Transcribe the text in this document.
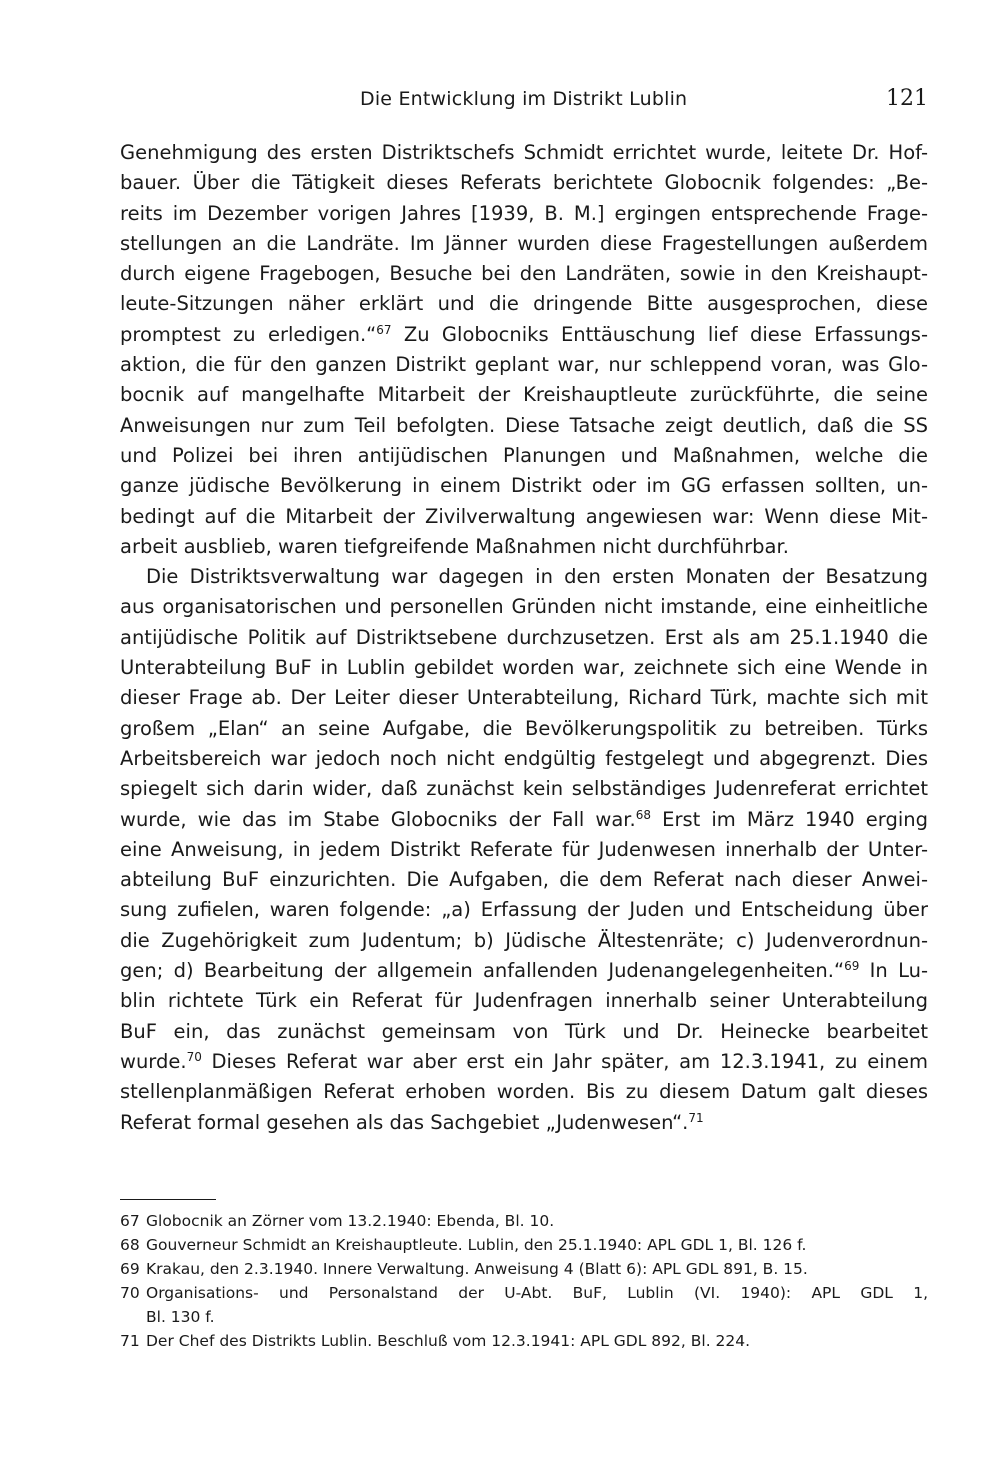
Die Entwicklung im Distrikt Lublin	121
Genehmigung des ersten Distriktschefs Schmidt errichtet wurde, leitete Dr. Hof-
bauer. Über die Tätigkeit dieses Referats berichtete Globocnik folgendes: „Be-
reits im Dezember vorigen Jahres [1939, B. M.] ergingen entsprechende Frage-
stellungen an die Landräte. Im Jänner wurden diese Fragestellungen außerdem
durch eigene Fragebogen, Besuche bei den Landräten, sowie in den Kreishaupt-
leute-Sitzungen näher erklärt und die dringende Bitte ausgesprochen, diese
promptest zu erledigen.“$^{67}$ Zu Globocniks Enttäuschung lief diese Erfassungs-
aktion, die für den ganzen Distrikt geplant war, nur schleppend voran, was Glo-
bocnik auf mangelhafte Mitarbeit der Kreishauptleute zurückführte, die seine
Anweisungen nur zum Teil befolgten. Diese Tatsache zeigt deutlich, daß die SS
und Polizei bei ihren antijüdischen Planungen und Maßnahmen, welche die
ganze jüdische Bevölkerung in einem Distrikt oder im GG erfassen sollten, un-
bedingt auf die Mitarbeit der Zivilverwaltung angewiesen war: Wenn diese Mit-
arbeit ausblieb, waren tiefgreifende Maßnahmen nicht durchführbar.
Die Distriktsverwaltung war dagegen in den ersten Monaten der Besatzung
aus organisatorischen und personellen Gründen nicht imstande, eine einheitliche
antijüdische Politik auf Distriktsebene durchzusetzen. Erst als am 25.1.1940 die
Unterabteilung BuF in Lublin gebildet worden war, zeichnete sich eine Wende in
dieser Frage ab. Der Leiter dieser Unterabteilung, Richard Türk, machte sich mit
großem „Elan“ an seine Aufgabe, die Bevölkerungspolitik zu betreiben. Türks
Arbeitsbereich war jedoch noch nicht endgültig festgelegt und abgegrenzt. Dies
spiegelt sich darin wider, daß zunächst kein selbständiges Judenreferat errichtet
wurde, wie das im Stabe Globocniks der Fall war.$^{68}$ Erst im März 1940 erging
eine Anweisung, in jedem Distrikt Referate für Judenwesen innerhalb der Unter-
abteilung BuF einzurichten. Die Aufgaben, die dem Referat nach dieser Anwei-
sung zufielen, waren folgende: „a) Erfassung der Juden und Entscheidung über
die Zugehörigkeit zum Judentum; b) Jüdische Ältestenräte; c) Judenverordnun-
gen; d) Bearbeitung der allgemein anfallenden Judenangelegenheiten.“$^{69}$ In Lu-
blin richtete Türk ein Referat für Judenfragen innerhalb seiner Unterabteilung
BuF ein, das zunächst gemeinsam von Türk und Dr. Heinecke bearbeitet
wurde.$^{70}$ Dieses Referat war aber erst ein Jahr später, am 12.3.1941, zu einem
stellenplanmäßigen Referat erhoben worden. Bis zu diesem Datum galt dieses
Referat formal gesehen als das Sachgebiet „Judenwesen“.$^{71}$
67 Globocnik an Zörner vom 13.2.1940: Ebenda, Bl. 10.
68 Gouverneur Schmidt an Kreishauptleute. Lublin, den 25.1.1940: APL GDL 1, Bl. 126 f.
69 Krakau, den 2.3.1940. Innere Verwaltung. Anweisung 4 (Blatt 6): APL GDL 891, B. 15.
70 Organisations- und Personalstand der U-Abt. BuF, Lublin (VI. 1940): APL GDL 1,
Bl. 130 f.
71 Der Chef des Distrikts Lublin. Beschluß vom 12.3.1941: APL GDL 892, Bl. 224.
